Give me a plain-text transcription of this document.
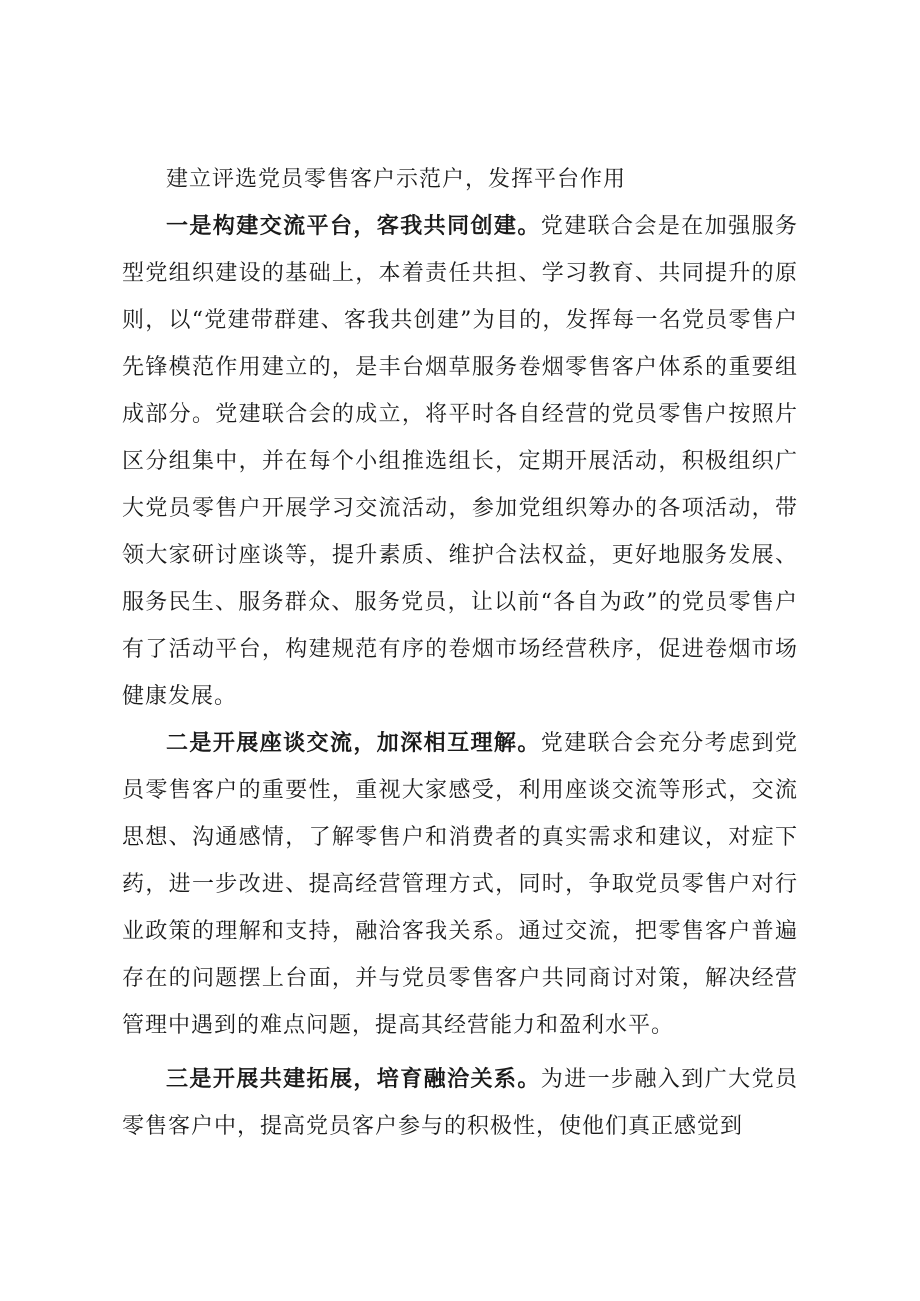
建立评选党员零售客户示范户，发挥平台作用

一是构建交流平台，客我共同创建。党建联合会是在加强服务型党组织建设的基础上，本着责任共担、学习教育、共同提升的原则，以“党建带群建、客我共创建”为目的，发挥每一名党员零售户先锋模范作用建立的，是丰台烟草服务卷烟零售客户体系的重要组成部分。党建联合会的成立，将平时各自经营的党员零售户按照片区分组集中，并在每个小组推选组长，定期开展活动，积极组织广大党员零售户开展学习交流活动，参加党组织筹办的各项活动，带领大家研讨座谈等，提升素质、维护合法权益，更好地服务发展、服务民生、服务群众、服务党员，让以前“各自为政”的党员零售户有了活动平台，构建规范有序的卷烟市场经营秩序，促进卷烟市场健康发展。

二是开展座谈交流，加深相互理解。党建联合会充分考虑到党员零售客户的重要性，重视大家感受，利用座谈交流等形式，交流思想、沟通感情，了解零售户和消费者的真实需求和建议，对症下药，进一步改进、提高经营管理方式，同时，争取党员零售户对行业政策的理解和支持，融洽客我关系。通过交流，把零售客户普遍存在的问题摆上台面，并与党员零售客户共同商讨对策，解决经营管理中遇到的难点问题，提高其经营能力和盈利水平。

三是开展共建拓展，培育融洽关系。为进一步融入到广大党员零售客户中，提高党员客户参与的积极性，使他们真正感觉到
